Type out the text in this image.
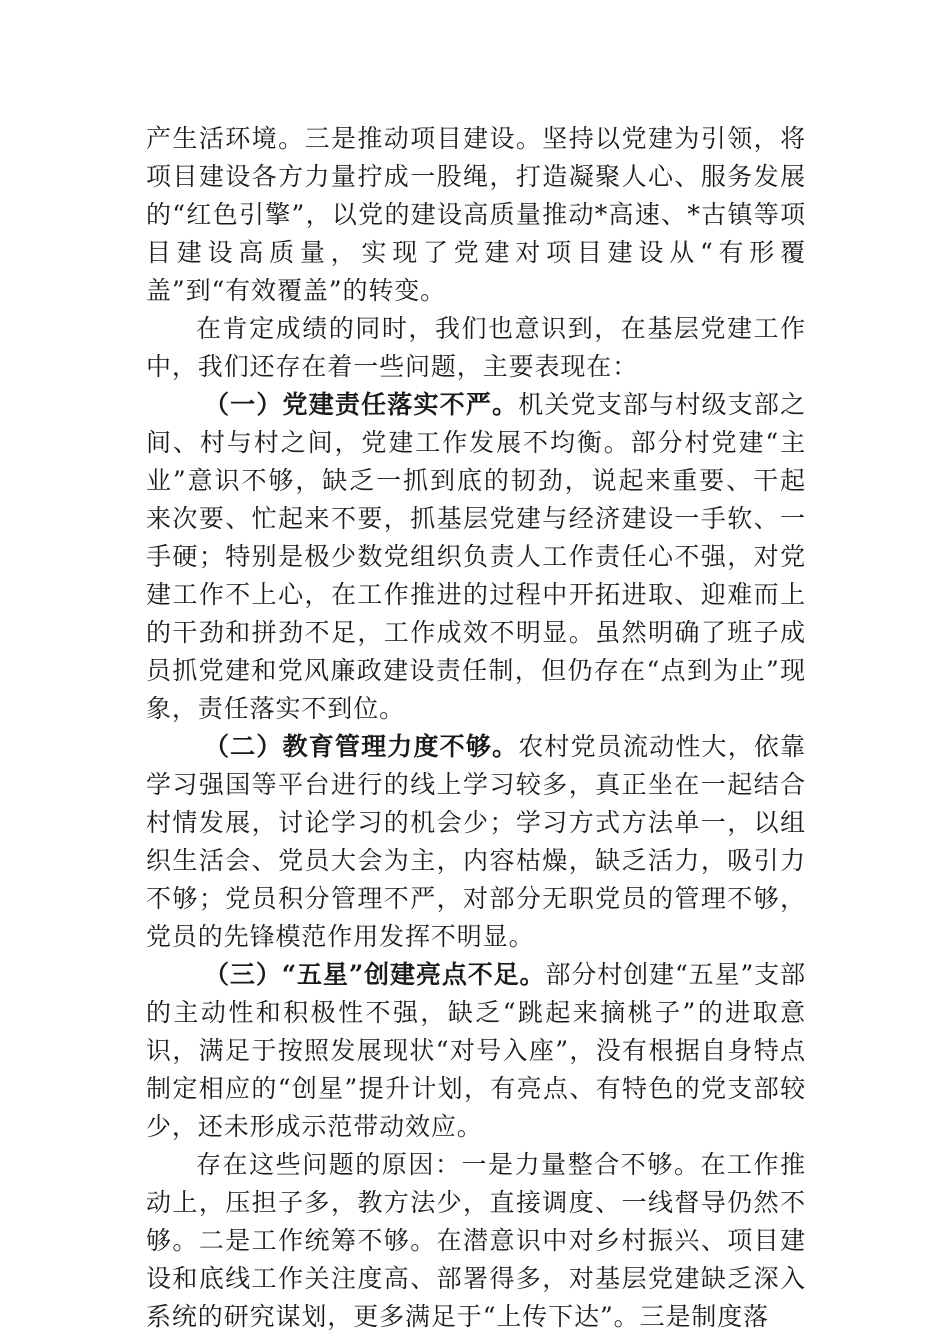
产生活环境。三是推动项目建设。坚持以党建为引领，将项目建设各方力量拧成一股绳，打造凝聚人心、服务发展的“红色引擎”，以党的建设高质量推动*高速、*古镇等项目建设高质量，实现了党建对项目建设从“有形覆盖”到“有效覆盖”的转变。

在肯定成绩的同时，我们也意识到，在基层党建工作中，我们还存在着一些问题，主要表现在：

（一）党建责任落实不严。机关党支部与村级支部之间、村与村之间，党建工作发展不均衡。部分村党建“主业”意识不够，缺乏一抓到底的韧劲，说起来重要、干起来次要、忙起来不要，抓基层党建与经济建设一手软、一手硬；特别是极少数党组织负责人工作责任心不强，对党建工作不上心，在工作推进的过程中开拓进取、迎难而上的干劲和拼劲不足，工作成效不明显。虽然明确了班子成员抓党建和党风廉政建设责任制，但仍存在“点到为止”现象，责任落实不到位。

（二）教育管理力度不够。农村党员流动性大，依靠学习强国等平台进行的线上学习较多，真正坐在一起结合村情发展，讨论学习的机会少；学习方式方法单一，以组织生活会、党员大会为主，内容枯燥，缺乏活力，吸引力不够；党员积分管理不严，对部分无职党员的管理不够，党员的先锋模范作用发挥不明显。

（三）“五星”创建亮点不足。部分村创建“五星”支部的主动性和积极性不强，缺乏“跳起来摘桃子”的进取意识，满足于按照发展现状“对号入座”，没有根据自身特点制定相应的“创星”提升计划，有亮点、有特色的党支部较少，还未形成示范带动效应。

存在这些问题的原因：一是力量整合不够。在工作推动上，压担子多，教方法少，直接调度、一线督导仍然不够。二是工作统筹不够。在潜意识中对乡村振兴、项目建设和底线工作关注度高、部署得多，对基层党建缺乏深入系统的研究谋划，更多满足于“上传下达”。三是制度落
